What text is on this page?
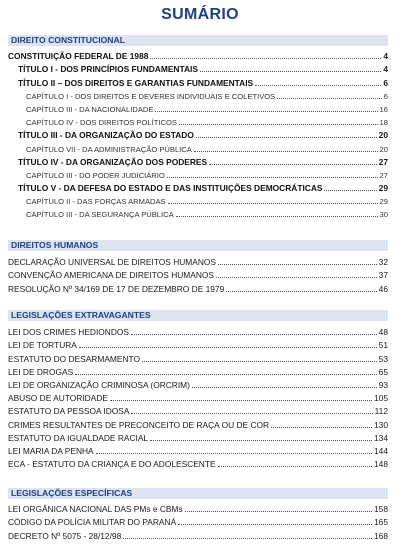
SUMÁRIO
DIREITO CONSTITUCIONAL
CONSTITUIÇÃO FEDERAL DE 1988	4
TÍTULO I - DOS PRINCÍPIOS FUNDAMENTAIS	4
TÍTULO II – DOS DIREITOS E GARANTIAS FUNDAMENTAIS	6
CAPÍTULO I - DOS DIREITOS E DEVERES INDIVIDUAIS E COLETIVOS	6
CAPÍTULO III - DA NACIONALIDADE	16
CAPÍTULO IV - DOS DIREITOS POLÍTICOS	18
TÍTULO III - DA ORGANIZAÇÃO DO ESTADO	20
CAPÍTULO VII - DA ADMINISTRAÇÃO PÚBLICA	20
TÍTULO IV - DA ORGANIZAÇÃO DOS PODERES	27
CAPÍTULO III - DO PODER JUDICIÁRIO	27
TÍTULO V - DA DEFESA DO ESTADO E DAS INSTITUIÇÕES DEMOCRÁTICAS	29
CAPÍTULO II - DAS FORÇAS ARMADAS	29
CAPÍTULO III - DA SEGURANÇA PÚBLICA	30
DIREITOS HUMANOS
DECLARAÇÃO UNIVERSAL DE DIREITOS HUMANOS	32
CONVENÇÃO AMERICANA DE DIREITOS HUMANOS	37
RESOLUÇÃO Nº 34/169 DE 17 DE DEZEMBRO DE 1979	46
LEGISLAÇÕES EXTRAVAGANTES
LEI DOS CRIMES HEDIONDOS	48
LEI DE TORTURA	51
ESTATUTO DO DESARMAMENTO	53
LEI DE DROGAS	65
LEI DE ORGANIZAÇÃO CRIMINOSA (ORCRIM)	93
ABUSO DE AUTORIDADE	105
ESTATUTO DA PESSOA IDOSA	112
CRIMES RESULTANTES DE PRECONCEITO DE RAÇA OU DE COR	130
ESTATUTO DA IGUALDADE RACIAL	134
LEI MARIA DA PENHA	144
ECA - ESTATUTO DA CRIANÇA E DO ADOLESCENTE	148
LEGISLAÇÕES ESPECÍFICAS
LEI ORGÂNICA NACIONAL DAS PMs e CBMs	158
CÓDIGO DA POLÍCIA MILITAR DO PARANÁ	165
DECRETO Nº 5075 - 28/12/98	168
